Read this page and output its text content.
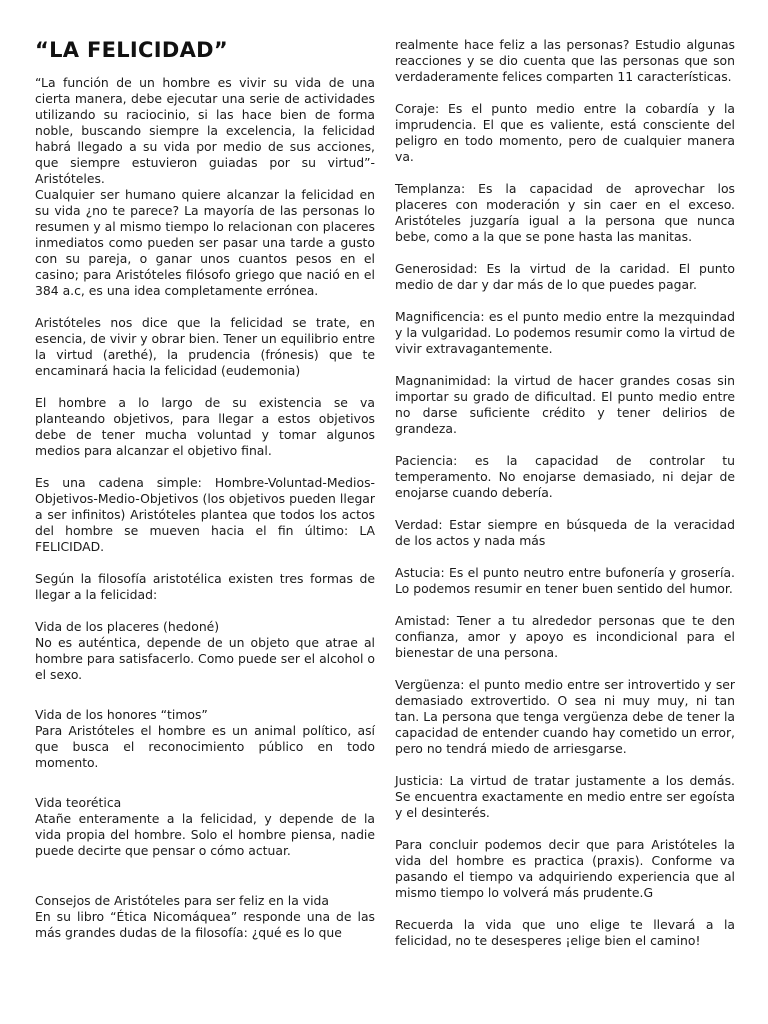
“LA FELICIDAD”

“La función de un hombre es vivir su vida de una cierta manera, debe ejecutar una serie de actividades utilizando su raciocinio, si las hace bien de forma noble, buscando siempre la excelencia, la felicidad habrá llegado a su vida por medio de sus acciones, que siempre estuvieron guiadas por su virtud”- Aristóteles.

Cualquier ser humano quiere alcanzar la felicidad en su vida ¿no te parece? La mayoría de las personas lo resumen y al mismo tiempo lo relacionan con placeres inmediatos como pueden ser pasar una tarde a gusto con su pareja, o ganar unos cuantos pesos en el casino; para Aristóteles filósofo griego que nació en el 384 a.c, es una idea completamente errónea.

Aristóteles nos dice que la felicidad se trate, en esencia, de vivir y obrar bien. Tener un equilibrio entre la virtud (arethé), la prudencia (frónesis) que te encaminará hacia la felicidad (eudemonia)

El hombre a lo largo de su existencia se va planteando objetivos, para llegar a estos objetivos debe de tener mucha voluntad y tomar algunos medios para alcanzar el objetivo final.

Es una cadena simple: Hombre-Voluntad-Medios-Objetivos-Medio-Objetivos (los objetivos pueden llegar a ser infinitos) Aristóteles plantea que todos los actos del hombre se mueven hacia el fin último: LA FELICIDAD.

Según la filosofía aristotélica existen tres formas de llegar a la felicidad:

Vida de los placeres (hedoné)

No es auténtica, depende de un objeto que atrae al hombre para satisfacerlo. Como puede ser el alcohol o el sexo.

Vida de los honores “timos”

Para Aristóteles el hombre es un animal político, así que busca el reconocimiento público en todo momento.

Vida teorética

Atañe enteramente a la felicidad, y depende de la vida propia del hombre. Solo el hombre piensa, nadie puede decirte que pensar o cómo actuar.

Consejos de Aristóteles para ser feliz en la vida

En su libro “Ética Nicomáquea” responde una de las más grandes dudas de la filosofía: ¿qué es lo que

realmente hace feliz a las personas? Estudio algunas reacciones y se dio cuenta que las personas que son verdaderamente felices comparten 11 características.

Coraje: Es el punto medio entre la cobardía y la imprudencia. El que es valiente, está consciente del peligro en todo momento, pero de cualquier manera va.

Templanza: Es la capacidad de aprovechar los placeres con moderación y sin caer en el exceso. Aristóteles juzgaría igual a la persona que nunca bebe, como a la que se pone hasta las manitas.

Generosidad: Es la virtud de la caridad. El punto medio de dar y dar más de lo que puedes pagar.

Magnificencia: es el punto medio entre la mezquindad y la vulgaridad. Lo podemos resumir como la virtud de vivir extravagantemente.

Magnanimidad: la virtud de hacer grandes cosas sin importar su grado de dificultad. El punto medio entre no darse suficiente crédito y tener delirios de grandeza.

Paciencia: es la capacidad de controlar tu temperamento. No enojarse demasiado, ni dejar de enojarse cuando debería.

Verdad: Estar siempre en búsqueda de la veracidad de los actos y nada más

Astucia: Es el punto neutro entre bufonería y grosería. Lo podemos resumir en tener buen sentido del humor.

Amistad: Tener a tu alrededor personas que te den confianza, amor y apoyo es incondicional para el bienestar de una persona.

Vergüenza: el punto medio entre ser introvertido y ser demasiado extrovertido. O sea ni muy muy, ni tan tan. La persona que tenga vergüenza debe de tener la capacidad de entender cuando hay cometido un error, pero no tendrá miedo de arriesgarse.

Justicia: La virtud de tratar justamente a los demás. Se encuentra exactamente en medio entre ser egoísta y el desinterés.

Para concluir podemos decir que para Aristóteles la vida del hombre es practica (praxis). Conforme va pasando el tiempo va adquiriendo experiencia que al mismo tiempo lo volverá más prudente.G

Recuerda la vida que uno elige te llevará a la felicidad, no te desesperes ¡elige bien el camino!
